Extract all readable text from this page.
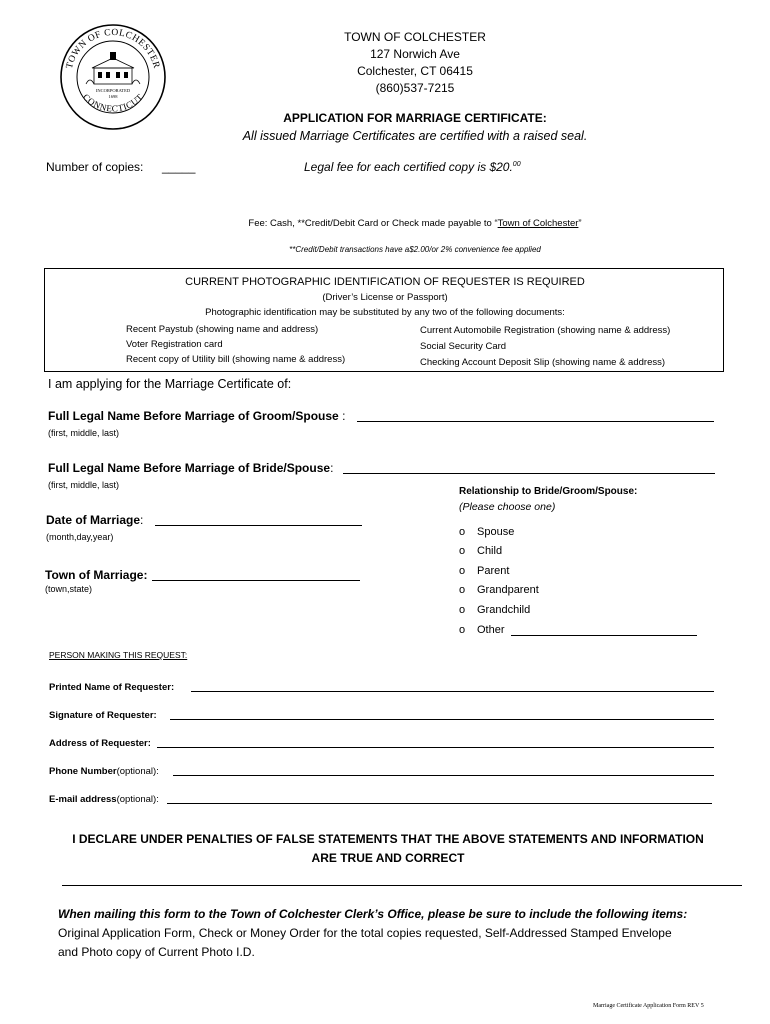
TOWN OF COLCHESTER
CONNECTICUT
INCORPORATED
1698
TOWN OF COLCHESTER
127 Norwich Ave
Colchester, CT 06415
(860)537-7215
APPLICATION FOR MARRIAGE CERTIFICATE:
All issued Marriage Certificates are certified with a raised seal.
Number of copies: _____	Legal fee for each certified copy is $20.00
Fee: Cash, **Credit/Debit Card or Check made payable to “Town of Colchester”
**Credit/Debit transactions have a$2.00/or 2% convenience fee applied
CURRENT PHOTOGRAPHIC IDENTIFICATION OF REQUESTER IS REQUIRED
(Driver’s License or Passport)
Photographic identification may be substituted by any two of the following documents:
Recent Paystub (showing name and address)
Voter Registration card
Recent copy of Utility bill (showing name & address)
Current Automobile Registration (showing name & address)
Social Security Card
Checking Account Deposit Slip (showing name & address)
I am applying for the Marriage Certificate of:
Full Legal Name Before Marriage of Groom/Spouse :
(first, middle, last)
Full Legal Name Before Marriage of Bride/Spouse:
(first, middle, last)
Date of Marriage:
(month,day,year)
Town of Marriage:
(town,state)
Relationship to Bride/Groom/Spouse:
(Please choose one)
o Spouse
o Child
o Parent
o Grandparent
o Grandchild
o Other
PERSON MAKING THIS REQUEST:
Printed Name of Requester:
Signature of Requester:
Address of Requester:
Phone Number(optional):
E-mail address(optional):
I DECLARE UNDER PENALTIES OF FALSE STATEMENTS THAT THE ABOVE STATEMENTS AND INFORMATION
ARE TRUE AND CORRECT
When mailing this form to the Town of Colchester Clerk’s Office, please be sure to include the following items:
Original Application Form, Check or Money Order for the total copies requested, Self-Addressed Stamped Envelope
and Photo copy of Current Photo I.D.
Marriage Certificate Application Form REV 5
